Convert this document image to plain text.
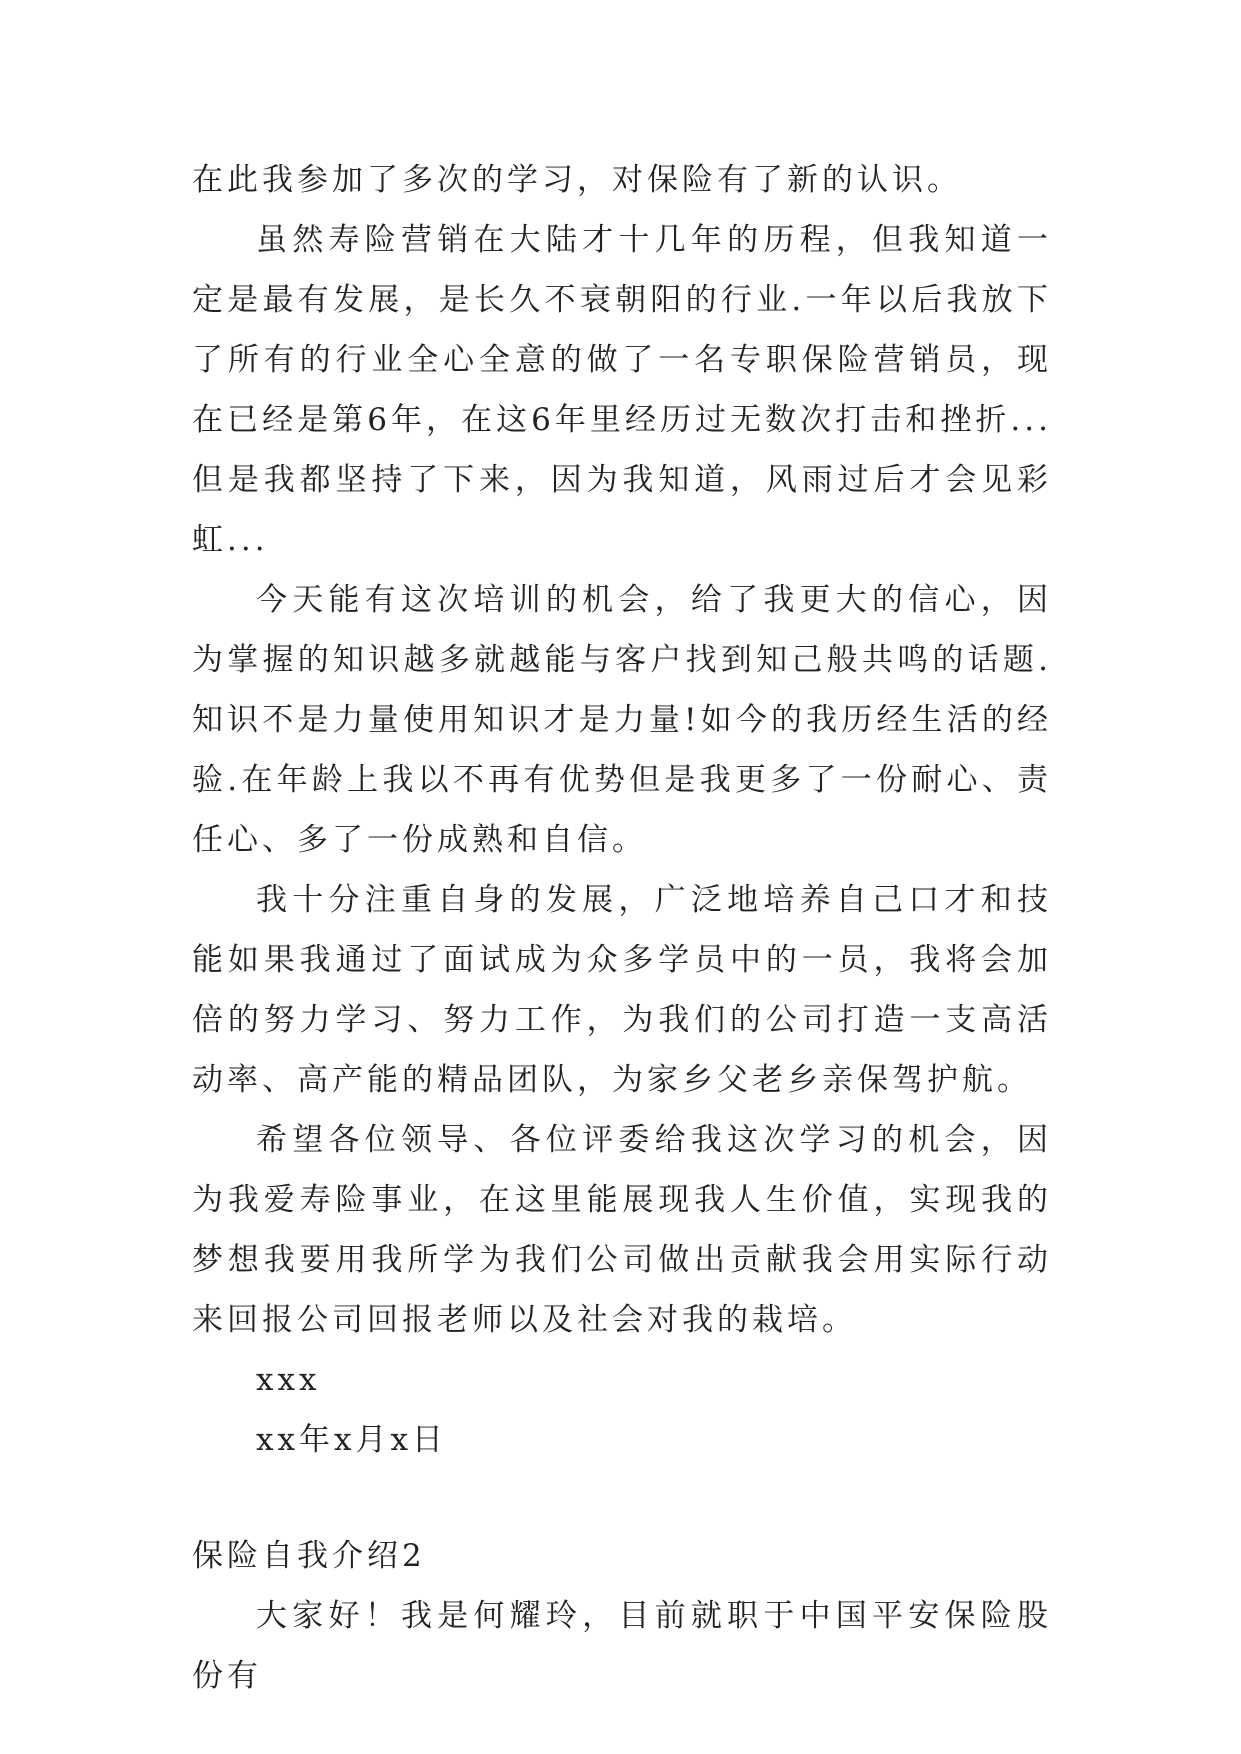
在此我参加了多次的学习，对保险有了新的认识。

虽然寿险营销在大陆才十几年的历程，但我知道一定是最有发展，是长久不衰朝阳的行业.一年以后我放下了所有的行业全心全意的做了一名专职保险营销员，现在已经是第6年，在这6年里经历过无数次打击和挫折...但是我都坚持了下来，因为我知道，风雨过后才会见彩虹...

今天能有这次培训的机会，给了我更大的信心，因为掌握的知识越多就越能与客户找到知己般共鸣的话题.知识不是力量使用知识才是力量!如今的我历经生活的经验.在年龄上我以不再有优势但是我更多了一份耐心、责任心、多了一份成熟和自信。

我十分注重自身的发展，广泛地培养自己口才和技能如果我通过了面试成为众多学员中的一员，我将会加倍的努力学习、努力工作，为我们的公司打造一支高活动率、高产能的精品团队，为家乡父老乡亲保驾护航。

希望各位领导、各位评委给我这次学习的机会，因为我爱寿险事业，在这里能展现我人生价值，实现我的梦想我要用我所学为我们公司做出贡献我会用实际行动来回报公司回报老师以及社会对我的栽培。

xxx

xx年x月x日

保险自我介绍2

大家好！我是何耀玲，目前就职于中国平安保险股份有
